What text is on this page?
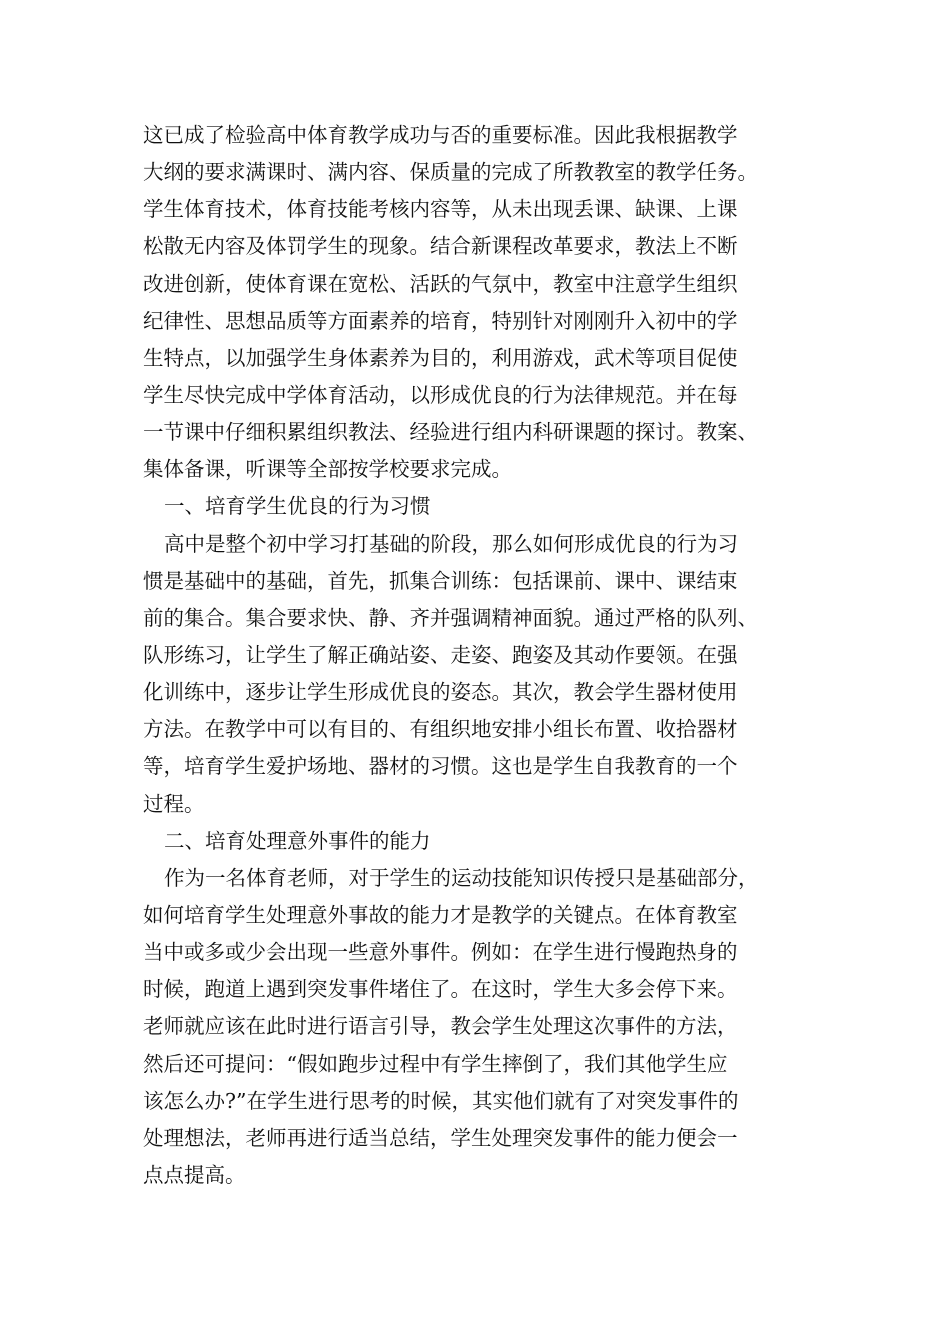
这已成了检验高中体育教学成功与否的重要标准。因此我根据教学
大纲的要求满课时、满内容、保质量的完成了所教教室的教学任务。
学生体育技术，体育技能考核内容等，从未出现丢课、缺课、上课
松散无内容及体罚学生的现象。结合新课程改革要求，教法上不断
改进创新，使体育课在宽松、活跃的气氛中，教室中注意学生组织
纪律性、思想品质等方面素养的培育，特别针对刚刚升入初中的学
生特点，以加强学生身体素养为目的，利用游戏，武术等项目促使
学生尽快完成中学体育活动，以形成优良的行为法律规范。并在每
一节课中仔细积累组织教法、经验进行组内科研课题的探讨。教案、
集体备课，听课等全部按学校要求完成。
一、培育学生优良的行为习惯
高中是整个初中学习打基础的阶段，那么如何形成优良的行为习
惯是基础中的基础，首先，抓集合训练：包括课前、课中、课结束
前的集合。集合要求快、静、齐并强调精神面貌。通过严格的队列、
队形练习，让学生了解正确站姿、走姿、跑姿及其动作要领。在强
化训练中，逐步让学生形成优良的姿态。其次，教会学生器材使用
方法。在教学中可以有目的、有组织地安排小组长布置、收拾器材
等，培育学生爱护场地、器材的习惯。这也是学生自我教育的一个
过程。
二、培育处理意外事件的能力
作为一名体育老师，对于学生的运动技能知识传授只是基础部分，
如何培育学生处理意外事故的能力才是教学的关键点。在体育教室
当中或多或少会出现一些意外事件。例如：在学生进行慢跑热身的
时候，跑道上遇到突发事件堵住了。在这时，学生大多会停下来。
老师就应该在此时进行语言引导，教会学生处理这次事件的方法，
然后还可提问：“假如跑步过程中有学生摔倒了，我们其他学生应
该怎么办?”在学生进行思考的时候，其实他们就有了对突发事件的
处理想法，老师再进行适当总结，学生处理突发事件的能力便会一
点点提高。
